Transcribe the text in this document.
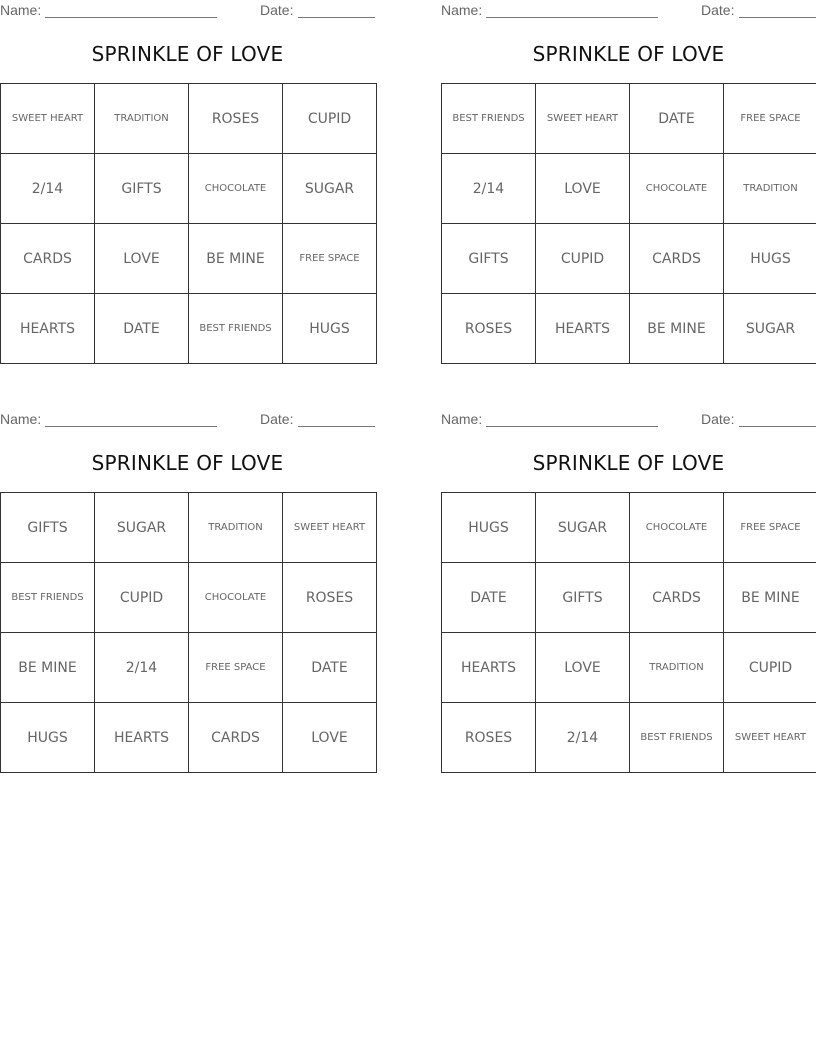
Name:	Date:
SPRINKLE OF LOVE
SWEET HEART	TRADITION	ROSES	CUPID
2/14	GIFTS	CHOCOLATE	SUGAR
CARDS	LOVE	BE MINE	FREE SPACE
HEARTS	DATE	BEST FRIENDS	HUGS
Name:	Date:
SPRINKLE OF LOVE
BEST FRIENDS	SWEET HEART	DATE	FREE SPACE
2/14	LOVE	CHOCOLATE	TRADITION
GIFTS	CUPID	CARDS	HUGS
ROSES	HEARTS	BE MINE	SUGAR
Name:	Date:
SPRINKLE OF LOVE
GIFTS	SUGAR	TRADITION	SWEET HEART
BEST FRIENDS	CUPID	CHOCOLATE	ROSES
BE MINE	2/14	FREE SPACE	DATE
HUGS	HEARTS	CARDS	LOVE
Name:	Date:
SPRINKLE OF LOVE
HUGS	SUGAR	CHOCOLATE	FREE SPACE
DATE	GIFTS	CARDS	BE MINE
HEARTS	LOVE	TRADITION	CUPID
ROSES	2/14	BEST FRIENDS	SWEET HEART
